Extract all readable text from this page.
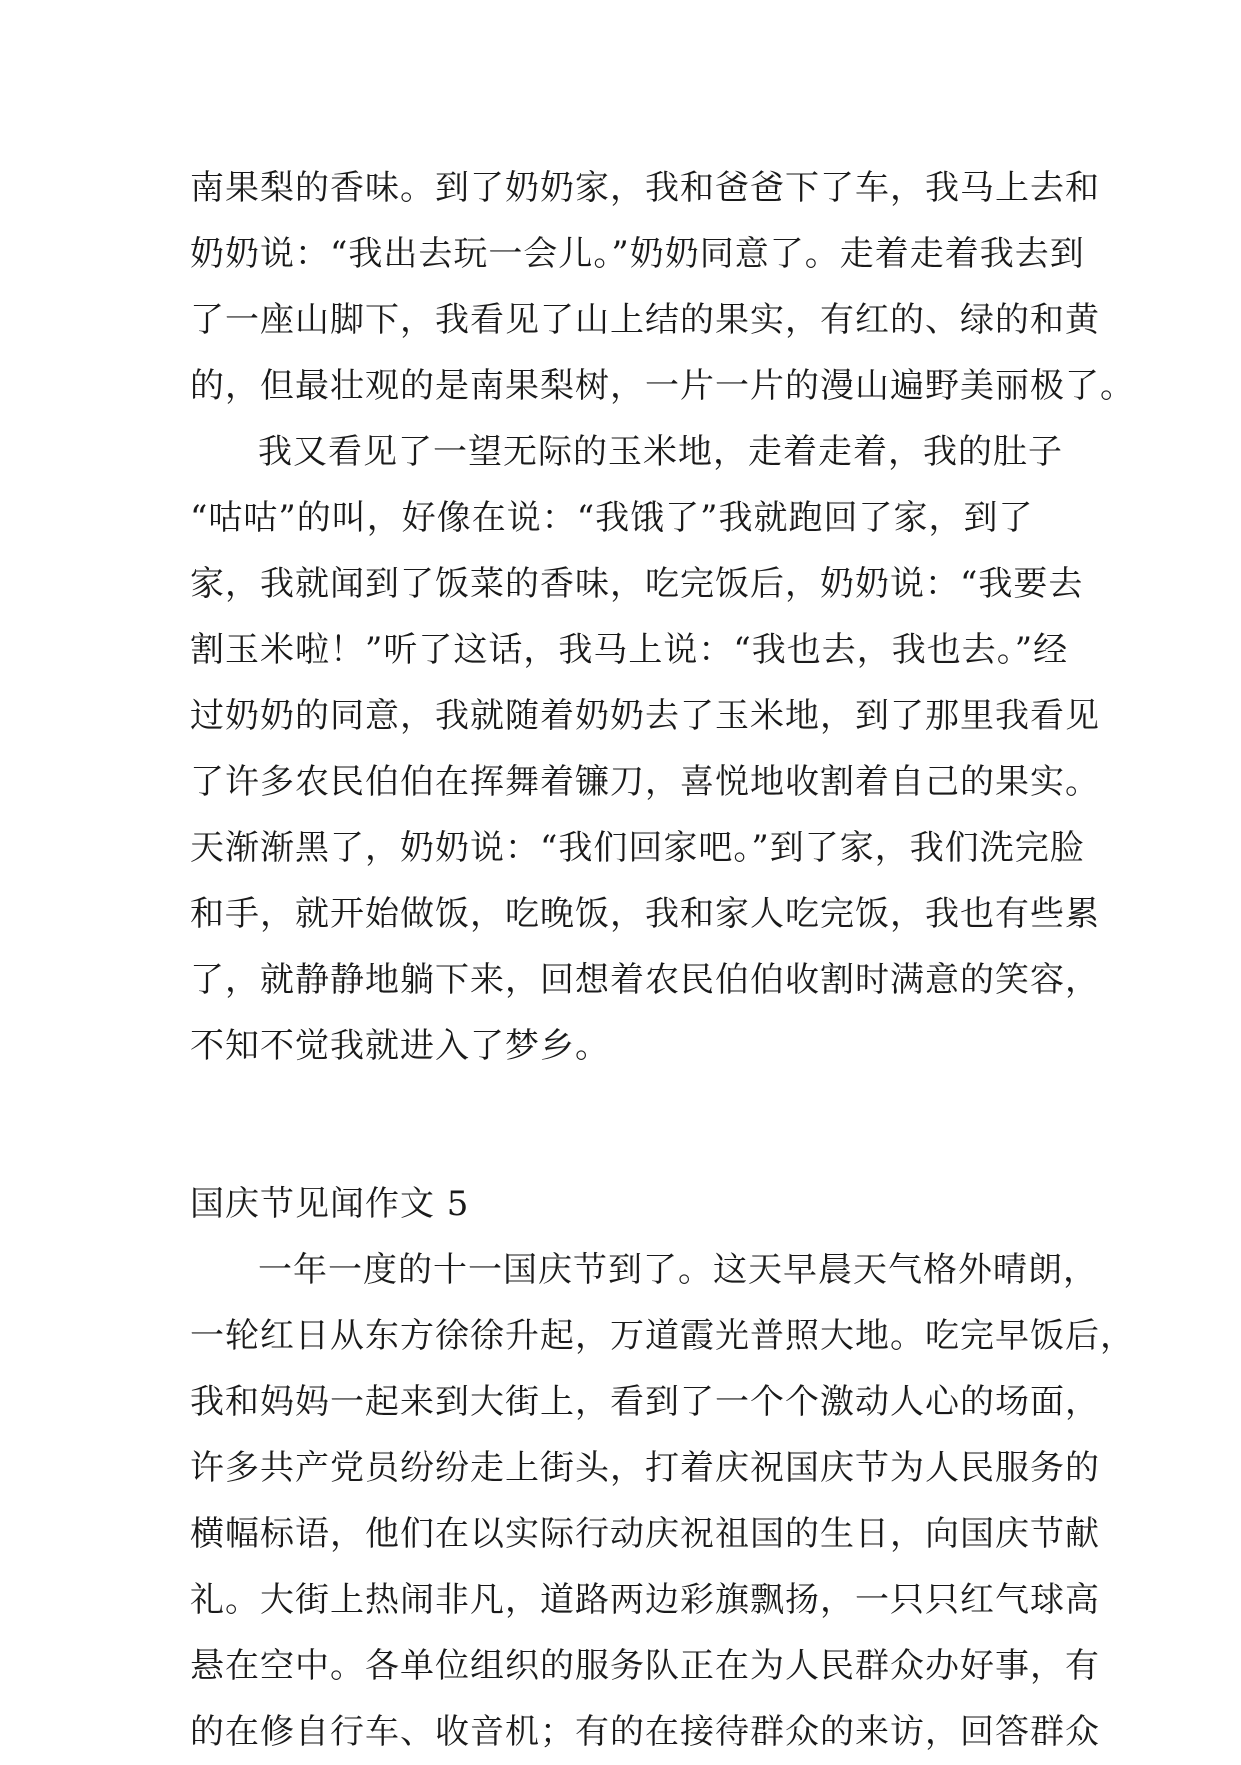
南果梨的香味。到了奶奶家，我和爸爸下了车，我马上去和
奶奶说：“我出去玩一会儿。”奶奶同意了。走着走着我去到
了一座山脚下，我看见了山上结的果实，有红的、绿的和黄
的，但最壮观的是南果梨树，一片一片的漫山遍野美丽极了。
我又看见了一望无际的玉米地，走着走着，我的肚子
“咕咕”的叫，好像在说：“我饿了”我就跑回了家，到了
家，我就闻到了饭菜的香味，吃完饭后，奶奶说：“我要去
割玉米啦！”听了这话，我马上说：“我也去，我也去。”经
过奶奶的同意，我就随着奶奶去了玉米地，到了那里我看见
了许多农民伯伯在挥舞着镰刀，喜悦地收割着自己的果实。
天渐渐黑了，奶奶说：“我们回家吧。”到了家，我们洗完脸
和手，就开始做饭，吃晚饭，我和家人吃完饭，我也有些累
了，就静静地躺下来，回想着农民伯伯收割时满意的笑容，
不知不觉我就进入了梦乡。
国庆节见闻作文 5
一年一度的十一国庆节到了。这天早晨天气格外晴朗，
一轮红日从东方徐徐升起，万道霞光普照大地。吃完早饭后，
我和妈妈一起来到大街上，看到了一个个激动人心的场面，
许多共产党员纷纷走上街头，打着庆祝国庆节为人民服务的
横幅标语，他们在以实际行动庆祝祖国的生日，向国庆节献
礼。大街上热闹非凡，道路两边彩旗飘扬，一只只红气球高
悬在空中。各单位组织的服务队正在为人民群众办好事，有
的在修自行车、收音机；有的在接待群众的来访，回答群众
